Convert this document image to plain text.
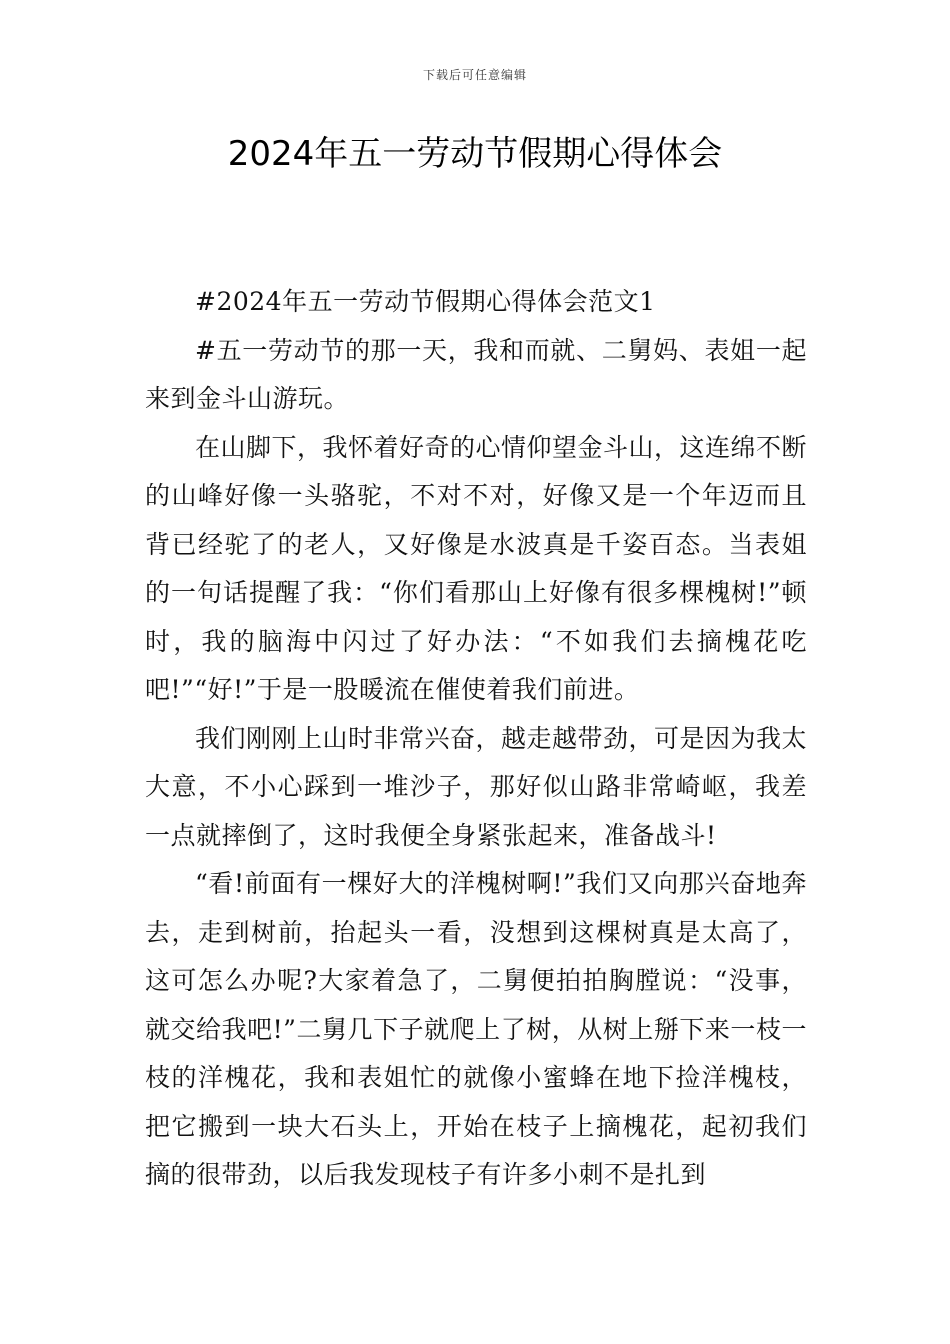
下载后可任意编辑
2024年五一劳动节假期心得体会

#2024年五一劳动节假期心得体会范文1

#五一劳动节的那一天，我和而就、二舅妈、表姐一起来到金斗山游玩。

在山脚下，我怀着好奇的心情仰望金斗山，这连绵不断的山峰好像一头骆驼，不对不对，好像又是一个年迈而且背已经驼了的老人，又好像是水波真是千姿百态。当表姐的一句话提醒了我：“你们看那山上好像有很多棵槐树!”顿时，我的脑海中闪过了好办法：“不如我们去摘槐花吃吧!”“好!”于是一股暖流在催使着我们前进。

我们刚刚上山时非常兴奋，越走越带劲，可是因为我太大意，不小心踩到一堆沙子，那好似山路非常崎岖，我差一点就摔倒了，这时我便全身紧张起来，准备战斗!

“看!前面有一棵好大的洋槐树啊!”我们又向那兴奋地奔去，走到树前，抬起头一看，没想到这棵树真是太高了，这可怎么办呢?大家着急了，二舅便拍拍胸膛说：“没事，就交给我吧!”二舅几下子就爬上了树，从树上掰下来一枝一枝的洋槐花，我和表姐忙的就像小蜜蜂在地下捡洋槐枝，把它搬到一块大石头上，开始在枝子上摘槐花，起初我们摘的很带劲，以后我发现枝子有许多小刺不是扎到
